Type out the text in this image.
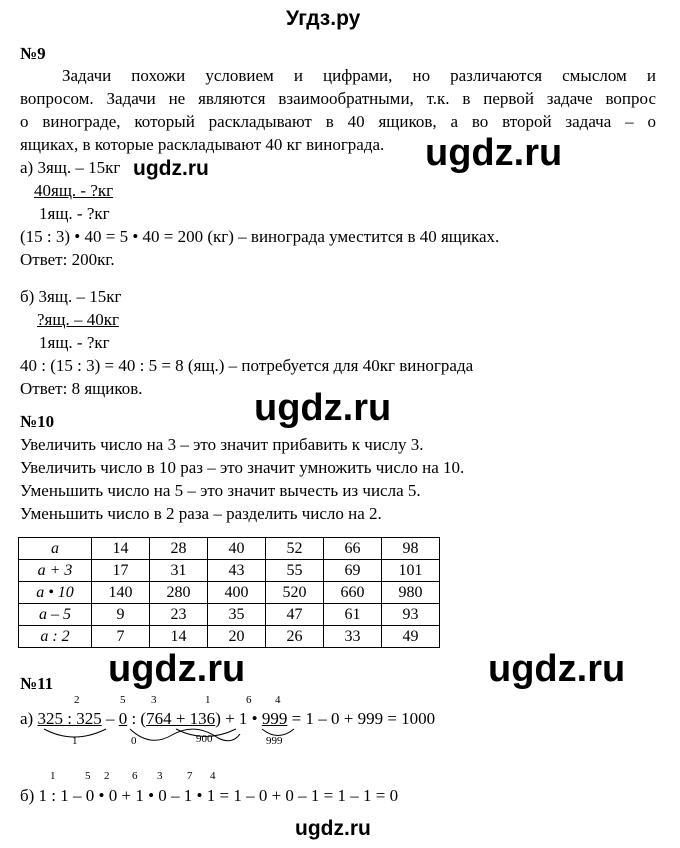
Угдз.ру
№9
Задачи похожи условием и цифрами, но различаются смыслом и
вопросом. Задачи не являются взаимообратными, т.к. в первой задаче вопрос
о винограде, который раскладывают в 40 ящиков, а во второй задача – о
ящиках, в которые раскладывают 40 кг винограда. ugdz.ru
а) 3ящ. – 15кг ugdz.ru
40ящ. - ?кг
1ящ. - ?кг
(15 : 3) • 40 = 5 • 40 = 200 (кг) – винограда уместится в 40 ящиках.
Ответ: 200кг.
б) 3ящ. – 15кг
?ящ. – 40кг
1ящ. - ?кг
40 : (15 : 3) = 40 : 5 = 8 (ящ.) – потребуется для 40кг винограда
Ответ: 8 ящиков.	ugdz.ru
№10
Увеличить число на 3 – это значит прибавить к числу 3.
Увеличить число в 10 раз – это значит умножить число на 10.
Уменьшить число на 5 – это значит вычесть из числа 5.
Уменьшить число в 2 раза – разделить число на 2.
a	14	28	40	52	66	98
a + 3	17	31	43	55	69	101
a • 10	140	280	400	520	660	980
a – 5	9	23	35	47	61	93
a : 2	7	14	20	26	33	49
ugdz.ru	ugdz.ru
№11
2	5 3	1	6 4
а) 325 : 325 – 0 : (764 + 136) + 1 • 999 = 1 – 0 + 999 = 1000
1	0	900	999
1	5 2 6 3 7 4
б) 1 : 1 – 0 • 0 + 1 • 0 – 1 • 1 = 1 – 0 + 0 – 1 = 1 – 1 = 0
ugdz.ru
